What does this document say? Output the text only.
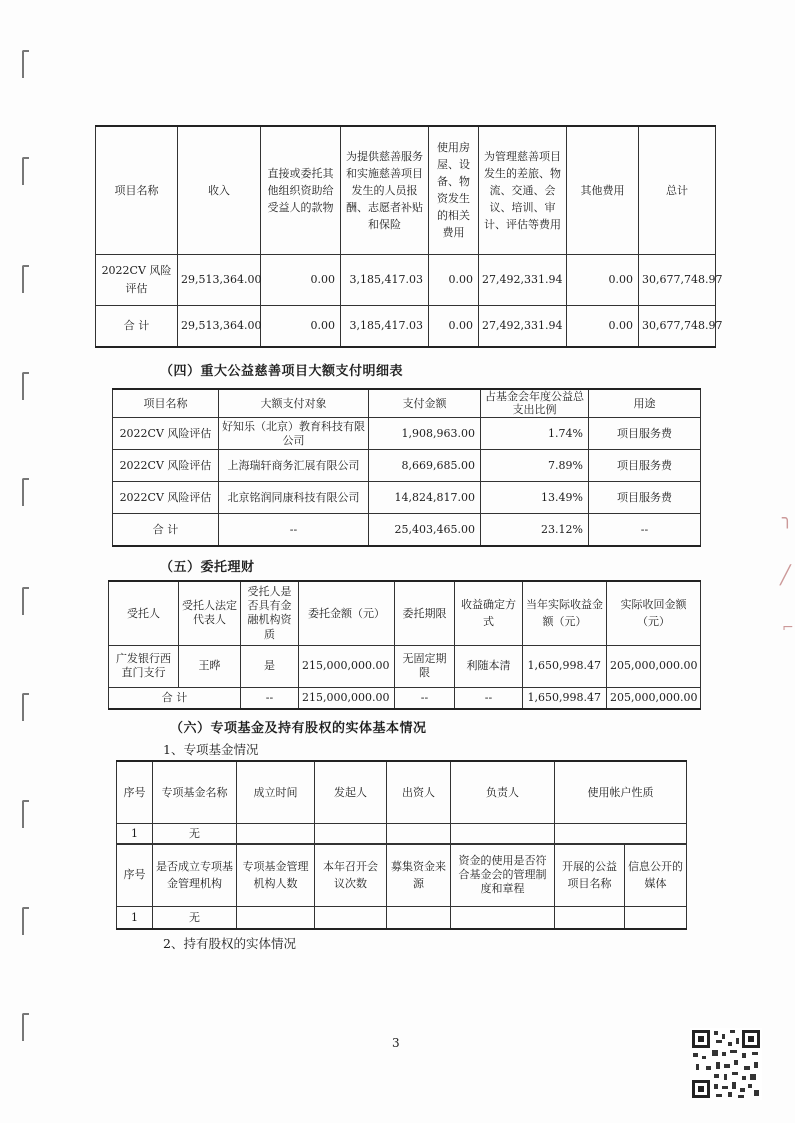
项目名称	收入	直接或委托其他组织资助给受益人的款物	为提供慈善服务和实施慈善项目发生的人员报酬、志愿者补贴和保险	使用房屋、设备、物资发生的相关费用	为管理慈善项目发生的差旅、物流、交通、会议、培训、审计、评估等费用	其他费用	总计
2022CV 风险评估	29,513,364.00	0.00	3,185,417.03	0.00	27,492,331.94	0.00	30,677,748.97
合 计	29,513,364.00	0.00	3,185,417.03	0.00	27,492,331.94	0.00	30,677,748.97
（四）重大公益慈善项目大额支付明细表
项目名称	大额支付对象	支付金额	占基金会年度公益总支出比例	用途
2022CV 风险评估	好知乐（北京）教育科技有限公司	1,908,963.00	1.74%	项目服务费
2022CV 风险评估	上海瑞轩商务汇展有限公司	8,669,685.00	7.89%	项目服务费
2022CV 风险评估	北京铭润同康科技有限公司	14,824,817.00	13.49%	项目服务费
合 计	--	25,403,465.00	23.12%	--
（五）委托理财
受托人	受托人法定代表人	受托人是否具有金融机构资质	委托金额（元）	委托期限	收益确定方式	当年实际收益金额（元）	实际收回金额（元）
广发银行西直门支行	王晔	是	215,000,000.00	无固定期限	利随本清	1,650,998.47	205,000,000.00
合 计		--	215,000,000.00	--	--	1,650,998.47	205,000,000.00
（六）专项基金及持有股权的实体基本情况
1、专项基金情况
序号	专项基金名称	成立时间	发起人	出资人	负责人	使用帐户性质
1	无					
序号	是否成立专项基金管理机构	专项基金管理机构人数	本年召开会议次数	募集资金来源	资金的使用是否符合基金会的管理制度和章程	开展的公益项目名称	信息公开的媒体
1	无						
2、持有股权的实体情况
3
╮
╱
⌐
